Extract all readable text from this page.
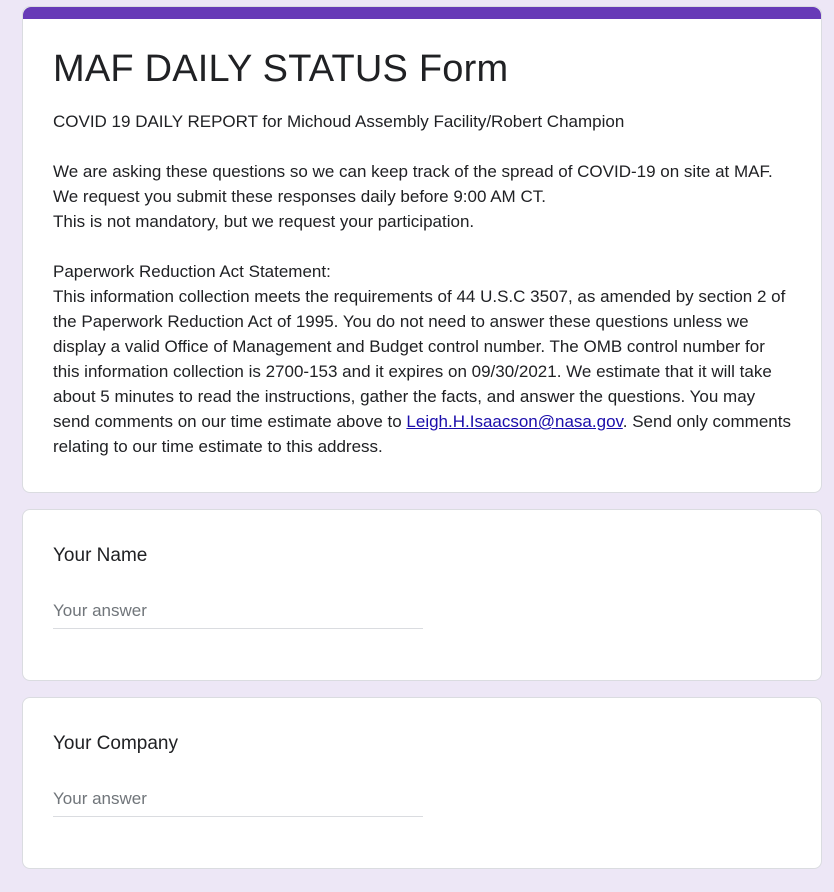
MAF DAILY STATUS Form

COVID 19 DAILY REPORT for Michoud Assembly Facility/Robert Champion

We are asking these questions so we can keep track of the spread of COVID-19 on site at MAF. We request you submit these responses daily before 9:00 AM CT.

This is not mandatory, but we request your participation.

Paperwork Reduction Act Statement:

This information collection meets the requirements of 44 U.S.C 3507, as amended by section 2 of the Paperwork Reduction Act of 1995. You do not need to answer these questions unless we display a valid Office of Management and Budget control number. The OMB control number for this information collection is 2700-153 and it expires on 09/30/2021. We estimate that it will take about 5 minutes to read the instructions, gather the facts, and answer the questions. You may send comments on our time estimate above to Leigh.H.Isaacson@nasa.gov. Send only comments relating to our time estimate to this address.

Your Name

Your answer

Your Company

Your answer
